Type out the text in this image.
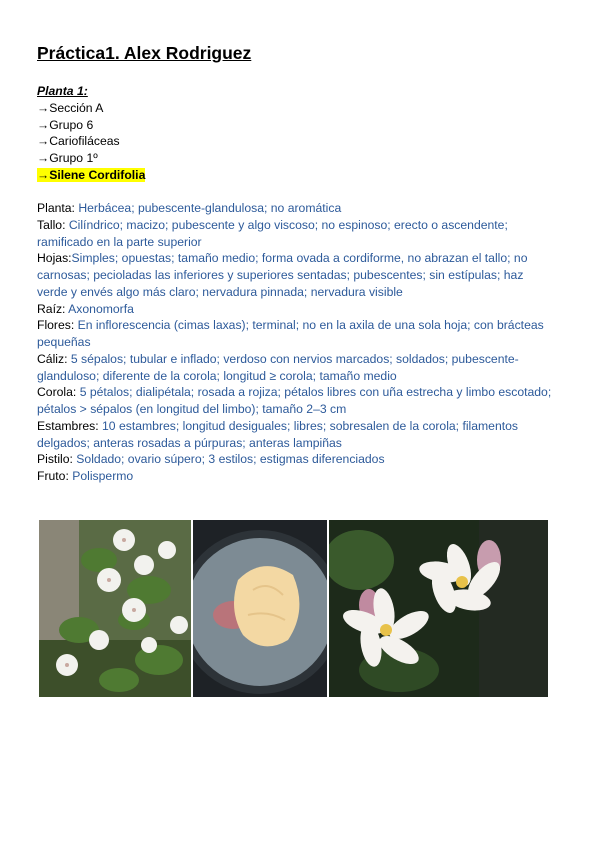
Práctica1. Alex Rodriguez
Planta 1:
→Sección A
→Grupo 6
→Cariofiláceas
→Grupo 1º
→Silene Cordifolia

Planta: Herbácea; pubescente-glandulosa; no aromática

Tallo: Cilíndrico; macizo; pubescente y algo viscoso; no espinoso; erecto o ascendente; ramificado en la parte superior

Hojas:Simples; opuestas; tamaño medio; forma ovada a cordiforme, no abrazan el tallo; no carnosas; pecioladas las inferiores y superiores sentadas; pubescentes; sin estípulas; haz verde y envés algo más claro; nervadura pinnada; nervadura visible

Raíz: Axonomorfa

Flores: En inflorescencia (cimas laxas); terminal; no en la axila de una sola hoja; con brácteas pequeñas

Cáliz: 5 sépalos; tubular e inflado; verdoso con nervios marcados; soldados; pubescente-glanduloso; diferente de la corola; longitud ≥ corola; tamaño medio

Corola: 5 pétalos; dialipétala; rosada a rojiza; pétalos libres con uña estrecha y limbo escotado; pétalos > sépalos (en longitud del limbo); tamaño 2–3 cm

Estambres: 10 estambres; longitud desiguales; libres; sobresalen de la corola; filamentos delgados; anteras rosadas a púrpuras; anteras lampiñas

Pistilo: Soldado; ovario súpero; 3 estilos; estigmas diferenciados

Fruto: Polispermo
